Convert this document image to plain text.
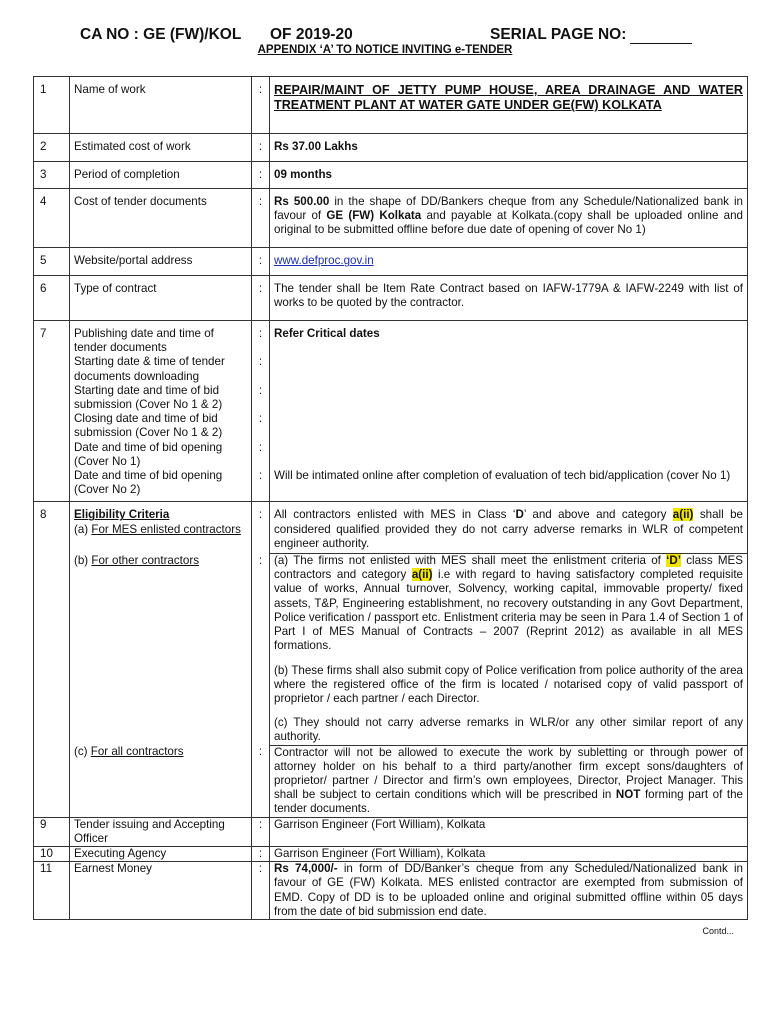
CA NO : GE (FW)/KOL OF 2019-20	SERIAL PAGE NO:
APPENDIX ‘A’ TO NOTICE INVITING e-TENDER
1	Name of work	:	REPAIR/MAINT OF JETTY PUMP HOUSE, AREA DRAINAGE AND WATER TREATMENT PLANT AT WATER GATE UNDER GE(FW) KOLKATA
2	Estimated cost of work	:	Rs 37.00 Lakhs
3	Period of completion	:	09 months
4	Cost of tender documents	:	Rs 500.00 in the shape of DD/Bankers cheque from any Schedule/Nationalized bank in favour of GE (FW) Kolkata and payable at Kolkata.(copy shall be uploaded online and original to be submitted offline before due date of opening of cover No 1)
5	Website/portal address	:	www.defproc.gov.in
6	Type of contract	:	The tender shall be Item Rate Contract based on IAFW-1779A & IAFW-2249 with list of works to be quoted by the contractor.
7	Publishing date and time of tender documents	:	Refer Critical dates
	Starting date & time of tender documents downloading	:	
	Starting date and time of bid submission (Cover No 1 & 2)	:	
	Closing date and time of bid submission (Cover No 1 & 2)	:	
	Date and time of bid opening (Cover No 1)	:	
	Date and time of bid opening (Cover No 2)	:	Will be intimated online after completion of evaluation of tech bid/application (cover No 1)
8	Eligibility Criteria

(a) For MES enlisted contractors	:	All contractors enlisted with MES in Class ‘D’ and above and category a(ii) shall be considered qualified provided they do not carry adverse remarks in WLR of competent engineer authority.
	(b) For other contractors	:	(a) The firms not enlisted with MES shall meet the enlistment criteria of ‘D’ class MES contractors and category a(ii) i.e with regard to having satisfactory completed requisite value of works, Annual turnover, Solvency, working capital, immovable property/ fixed assets, T&P, Engineering establishment, no recovery outstanding in any Govt Department, Police verification / passport etc. Enlistment criteria may be seen in Para 1.4 of Section 1 of Part I of MES Manual of Contracts – 2007 (Reprint 2012) as available in all MES formations.

(b) These firms shall also submit copy of Police verification from police authority of the area where the registered office of the firm is located / notarised copy of valid passport of proprietor / each partner / each Director.

(c) They should not carry adverse remarks in WLR/or any other similar report of any authority.

	(c) For all contractors	:	Contractor will not be allowed to execute the work by subletting or through power of attorney holder on his behalf to a third party/another firm except sons/daughters of proprietor/ partner / Director and firm’s own employees, Director, Project Manager. This shall be subject to certain conditions which will be prescribed in NOT forming part of the tender documents.
9	Tender issuing and Accepting Officer	:	Garrison Engineer (Fort William), Kolkata
10	Executing Agency	:	Garrison Engineer (Fort William), Kolkata
11	Earnest Money	:	Rs 74,000/- in form of DD/Banker’s cheque from any Scheduled/Nationalized bank in favour of GE (FW) Kolkata. MES enlisted contractor are exempted from submission of EMD. Copy of DD is to be uploaded online and original submitted offline within 05 days from the date of bid submission end date.
Contd...
